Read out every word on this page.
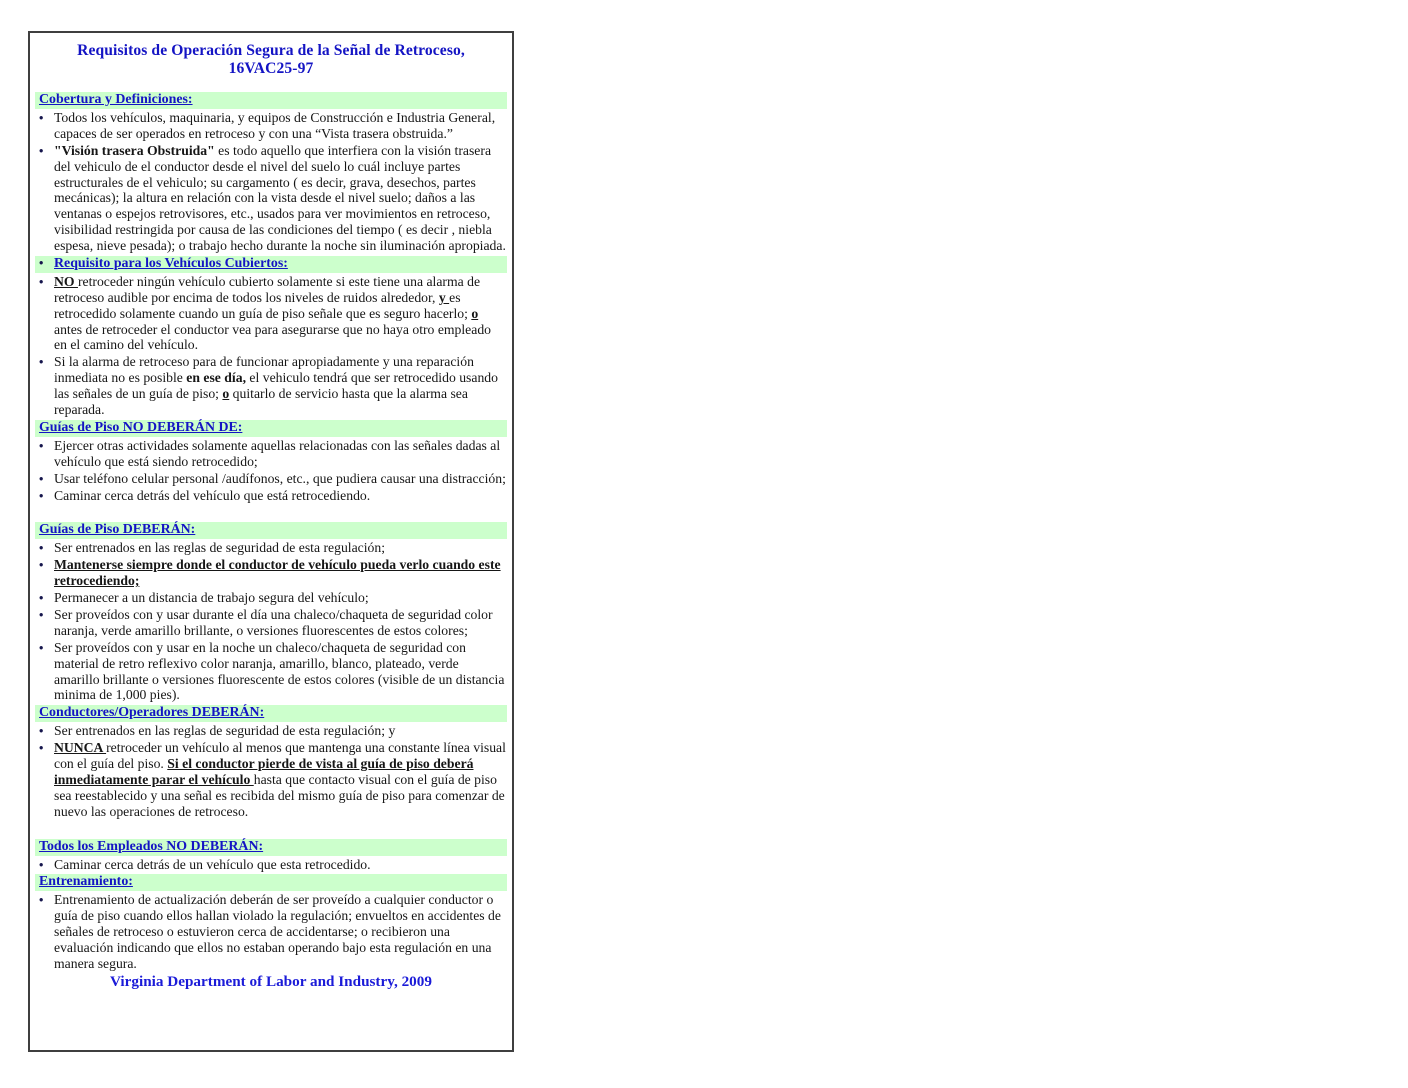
Requisitos de Operación Segura de la Señal de Retroceso, 16VAC25-97
Cobertura y Definiciones:
• Todos los vehículos, maquinaria, y equipos de Construcción e Industria General, capaces de ser operados en retroceso y con una “Vista trasera obstruida.”
• "Visión trasera Obstruida" es todo aquello que interfiera con la visión trasera del vehiculo de el conductor desde el nivel del suelo lo cuál incluye partes estructurales de el vehiculo; su cargamento ( es decir, grava, desechos, partes mecánicas); la altura en relación con la vista desde el nivel suelo; daños a las ventanas o espejos retrovisores, etc., usados para ver movimientos en retroceso, visibilidad restringida por causa de las condiciones del tiempo ( es decir , niebla espesa, nieve pesada); o trabajo hecho durante la noche sin iluminación apropiada.
• Requisito para los Vehículos Cubiertos:
• NO retroceder ningún vehículo cubierto solamente si este tiene una alarma de retroceso audible por encima de todos los niveles de ruidos alrededor, y es retrocedido solamente cuando un guía de piso señale que es seguro hacerlo; o antes de retroceder el conductor vea para asegurarse que no haya otro empleado en el camino del vehículo.
• Si la alarma de retroceso para de funcionar apropiadamente y una reparación inmediata no es posible en ese día, el vehiculo tendrá que ser retrocedido usando las señales de un guía de piso; o quitarlo de servicio hasta que la alarma sea reparada.
Guías de Piso NO DEBERÁN DE:
• Ejercer otras actividades solamente aquellas relacionadas con las señales dadas al vehículo que está siendo retrocedido;
• Usar teléfono celular personal /audífonos, etc., que pudiera causar una distracción;
• Caminar cerca detrás del vehículo que está retrocediendo.
Guías de Piso DEBERÁN:
• Ser entrenados en las reglas de seguridad de esta regulación;
• Mantenerse siempre donde el conductor de vehículo pueda verlo cuando este retrocediendo;
• Permanecer a un distancia de trabajo segura del vehículo;
• Ser proveídos con y usar durante el día una chaleco/chaqueta de seguridad color naranja, verde amarillo brillante, o versiones fluorescentes de estos colores;
• Ser proveídos con y usar en la noche un chaleco/chaqueta de seguridad con material de retro reflexivo color naranja, amarillo, blanco, plateado, verde amarillo brillante o versiones fluorescente de estos colores (visible de un distancia minima de 1,000 pies).
Conductores/Operadores DEBERÁN:
• Ser entrenados en las reglas de seguridad de esta regulación; y
• NUNCA retroceder un vehículo al menos que mantenga una constante línea visual con el guía del piso. Si el conductor pierde de vista al guía de piso deberá inmediatamente parar el vehículo hasta que contacto visual con el guía de piso sea reestablecido y una señal es recibida del mismo guía de piso para comenzar de nuevo las operaciones de retroceso.
Todos los Empleados NO DEBERÁN:
• Caminar cerca detrás de un vehículo que esta retrocedido.
Entrenamiento:
• Entrenamiento de actualización deberán de ser proveído a cualquier conductor o guía de piso cuando ellos hallan violado la regulación; envueltos en accidentes de señales de retroceso o estuvieron cerca de accidentarse; o recibieron una evaluación indicando que ellos no estaban operando bajo esta regulación en una manera segura.
Virginia Department of Labor and Industry, 2009
